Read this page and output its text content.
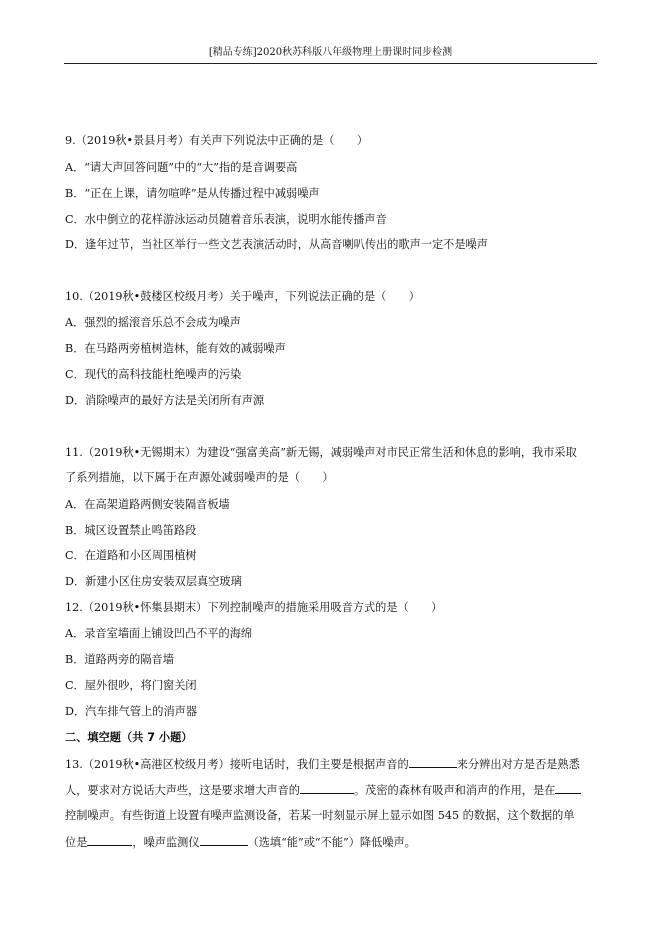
[精品专练]2020秋苏科版八年级物理上册课时同步检测
9.（2019秋•景县月考）有关声下列说法中正确的是（　　）
A．“请大声回答问题”中的“大”指的是音调要高
B．“正在上课，请勿喧哗”是从传播过程中减弱噪声
C．水中倒立的花样游泳运动员随着音乐表演，说明水能传播声音
D．逢年过节，当社区举行一些文艺表演活动时，从高音喇叭传出的歌声一定不是噪声
10.（2019秋•鼓楼区校级月考）关于噪声，下列说法正确的是（　　）
A．强烈的摇滚音乐总不会成为噪声
B．在马路两旁植树造林，能有效的减弱噪声
C．现代的高科技能杜绝噪声的污染
D．消除噪声的最好方法是关闭所有声源
11.（2019秋•无锡期末）为建设“强富美高”新无锡，减弱噪声对市民正常生活和休息的影响，我市采取
了系列措施，以下属于在声源处减弱噪声的是（　　）
A．在高架道路两侧安装隔音板墙
B．城区设置禁止鸣笛路段
C．在道路和小区周围植树
D．新建小区住房安装双层真空玻璃
12.（2019秋•怀集县期末）下列控制噪声的措施采用吸音方式的是（　　）
A．录音室墙面上铺设凹凸不平的海绵
B．道路两旁的隔音墙
C．屋外很吵，将门窗关闭
D．汽车排气管上的消声器
二、填空题（共 7 小题）
13.（2019秋•高港区校级月考）接听电话时，我们主要是根据声音的	来分辨出对方是否是熟悉
人，要求对方说话大声些，这是要求增大声音的	。茂密的森林有吸声和消声的作用，是在
控制噪声。有些街道上设置有噪声监测设备，若某一时刻显示屏上显示如图 545 的数据，这个数据的单
位是	，噪声监测仪	（选填“能”或“不能”）降低噪声。
